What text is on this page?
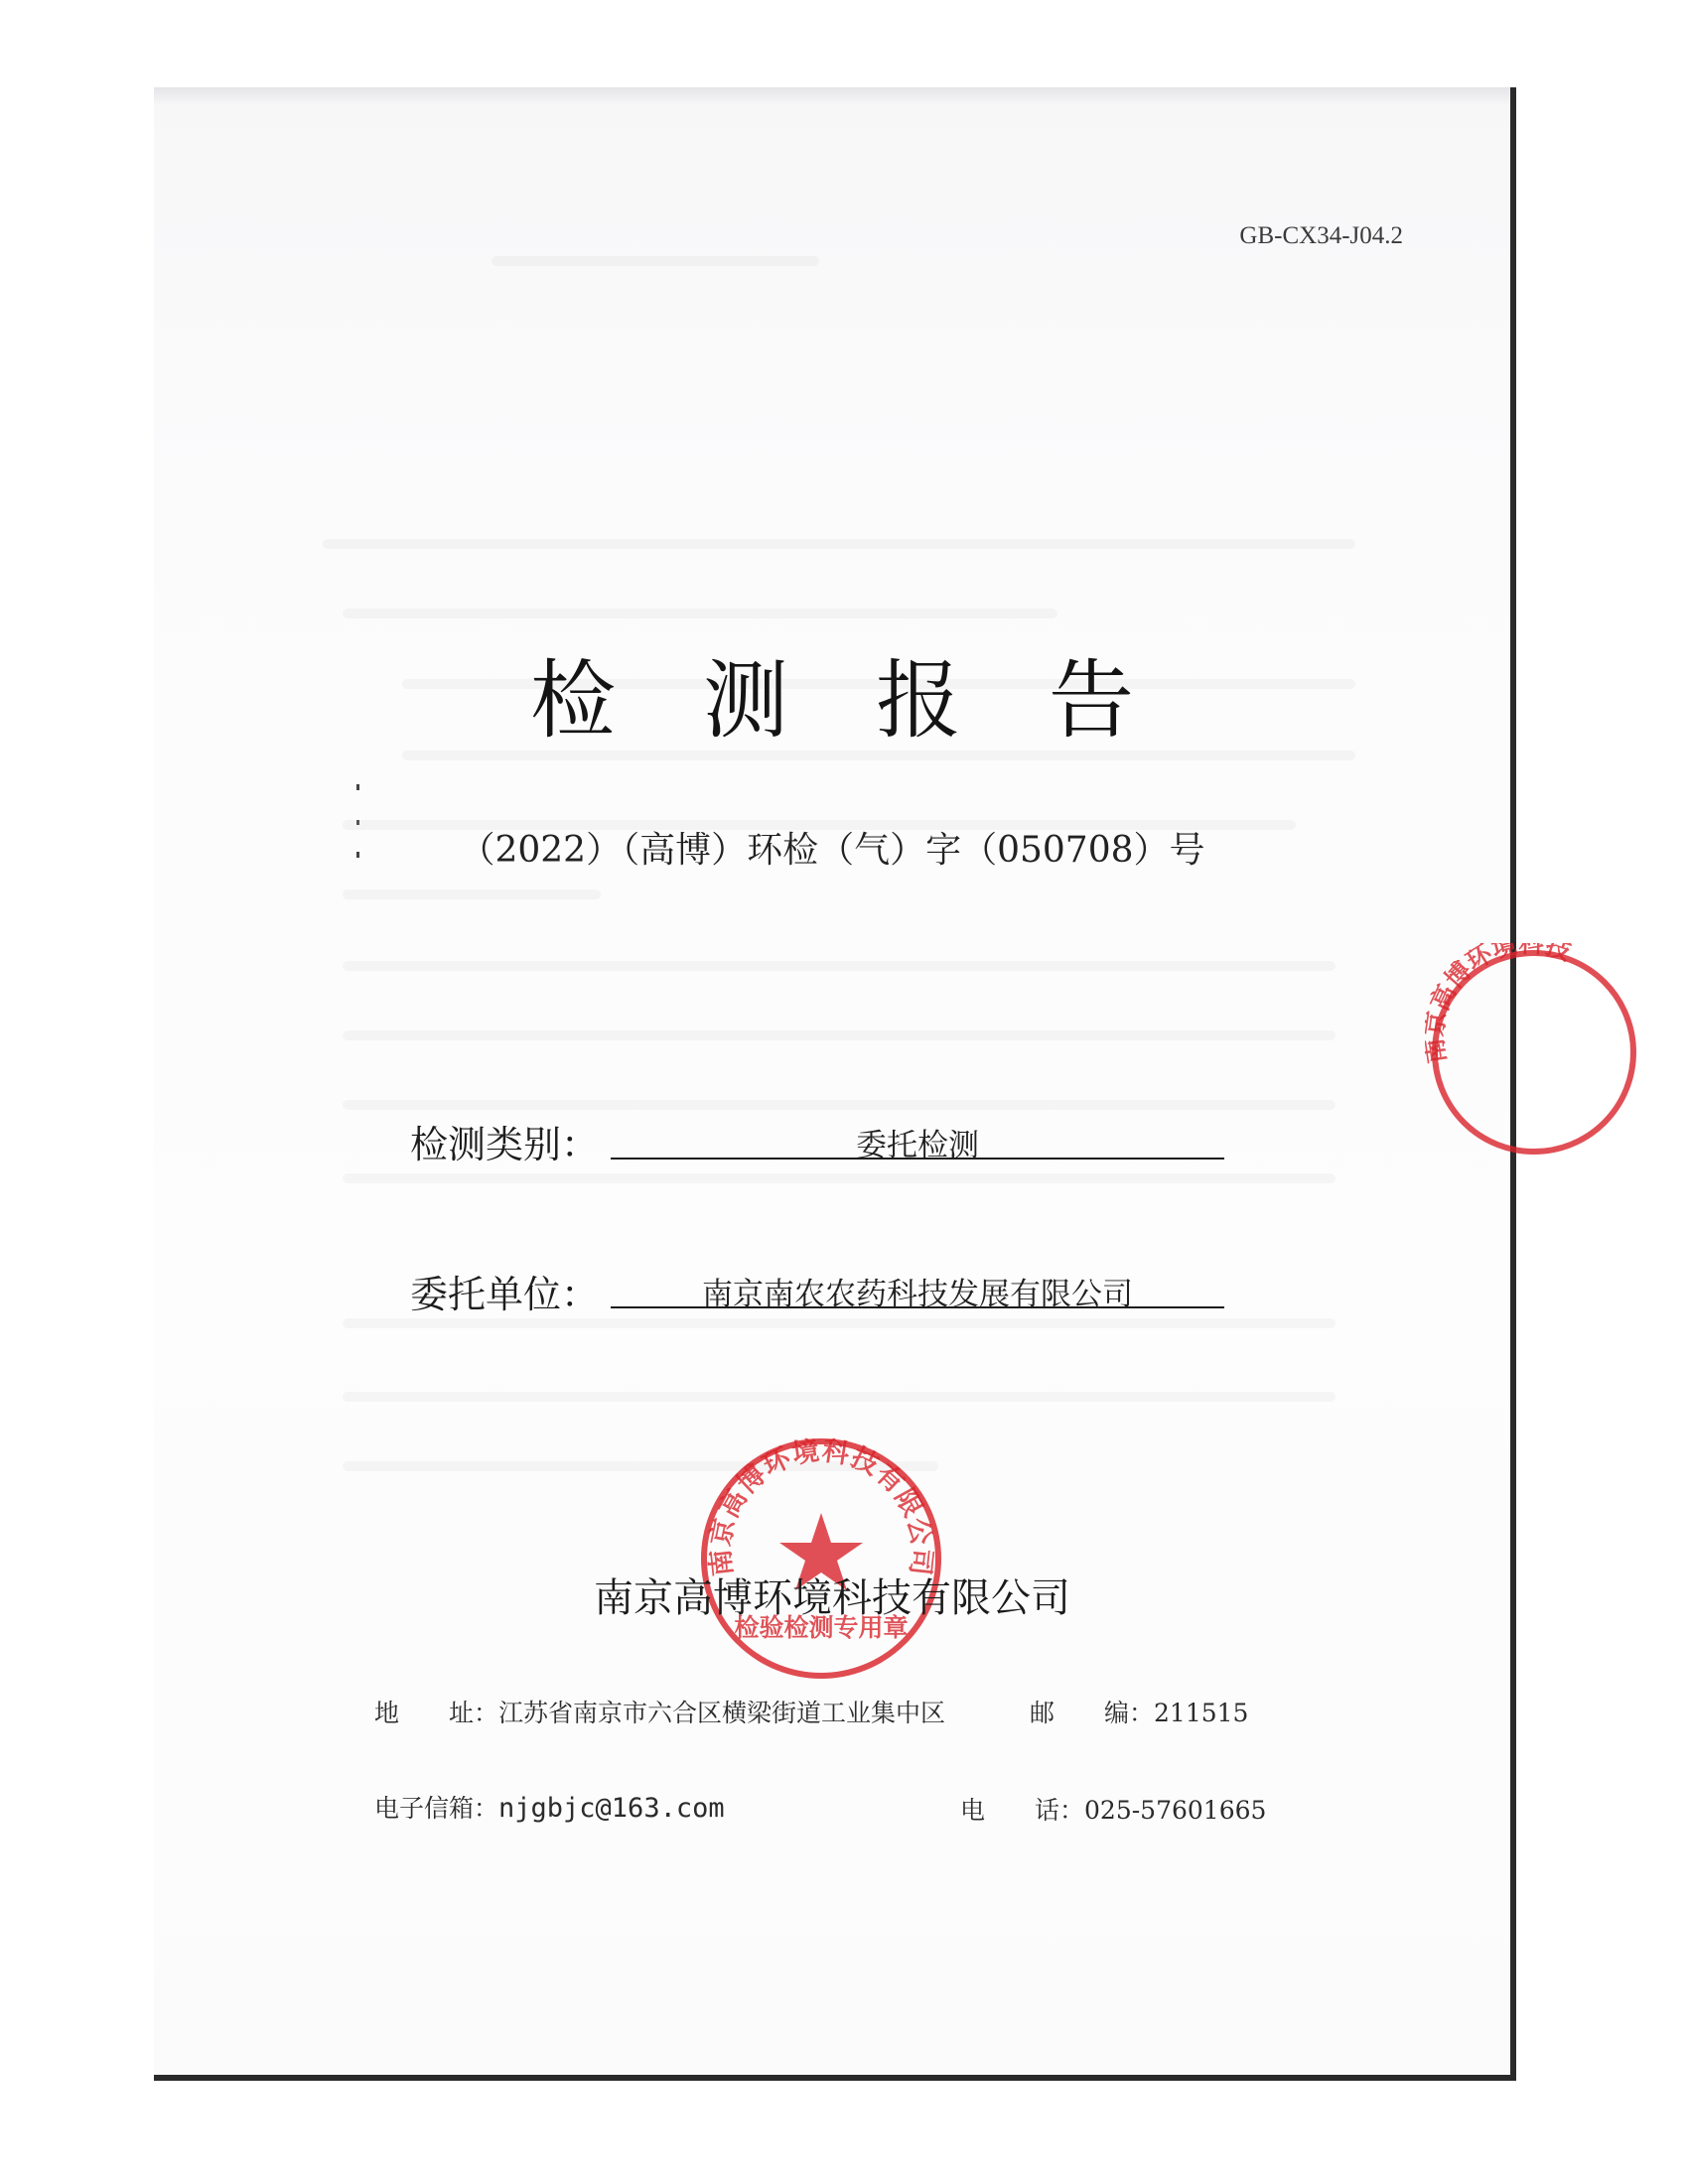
GB-CX34-J04.2
检 测 报 告
（2022）（高博）环检（气）字（050708）号
检测类别：	委托检测
委托单位：	南京南农农药科技发展有限公司
南京高博环境科技有限公司
检验检测专用章
南京高博环境科技有限公司
高博环境科技
地　　址：江苏省南京市六合区横梁街道工业集中区	邮　　编：211515
电子信箱：njgbjc@163.com	电　　话：025-57601665
